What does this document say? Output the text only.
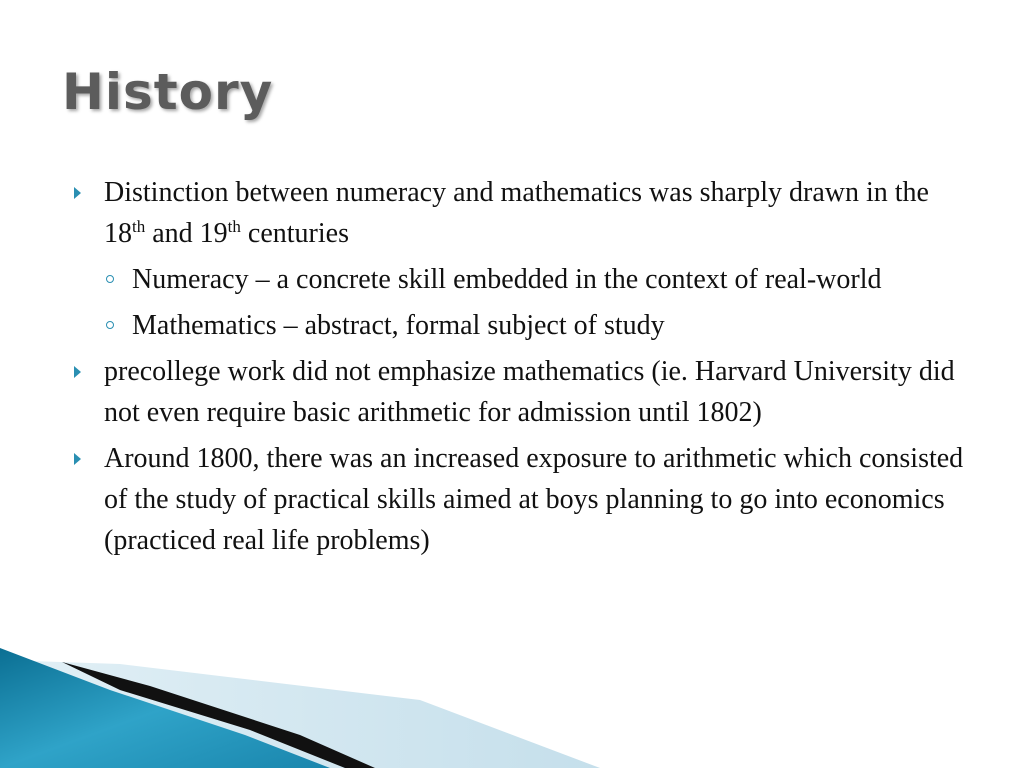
History
Distinction between numeracy and mathematics was sharply drawn in the 18th and 19th centuries
Numeracy – a concrete skill embedded in the context of real-world
Mathematics – abstract, formal subject of study
precollege work did not emphasize mathematics (ie. Harvard University did not even require basic arithmetic for admission until 1802)
Around 1800, there was an increased exposure to arithmetic which consisted of the study of practical skills aimed at boys planning to go into economics (practiced real life problems)
